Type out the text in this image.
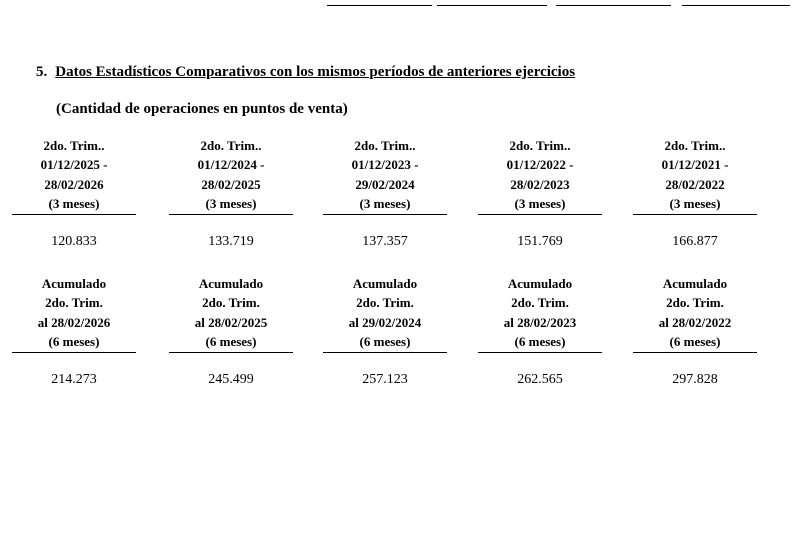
5. Datos Estadísticos Comparativos con los mismos períodos de anteriores ejercicios
(Cantidad de operaciones en puntos de venta)
2do. Trim..
01/12/2025 -
28/02/2026
(3 meses)
120.833
2do. Trim..
01/12/2024 -
28/02/2025
(3 meses)
133.719
2do. Trim..
01/12/2023 -
29/02/2024
(3 meses)
137.357
2do. Trim..
01/12/2022 -
28/02/2023
(3 meses)
151.769
2do. Trim..
01/12/2021 -
28/02/2022
(3 meses)
166.877
Acumulado
2do. Trim.
al 28/02/2026
(6 meses)
214.273
Acumulado
2do. Trim.
al 28/02/2025
(6 meses)
245.499
Acumulado
2do. Trim.
al 29/02/2024
(6 meses)
257.123
Acumulado
2do. Trim.
al 28/02/2023
(6 meses)
262.565
Acumulado
2do. Trim.
al 28/02/2022
(6 meses)
297.828
